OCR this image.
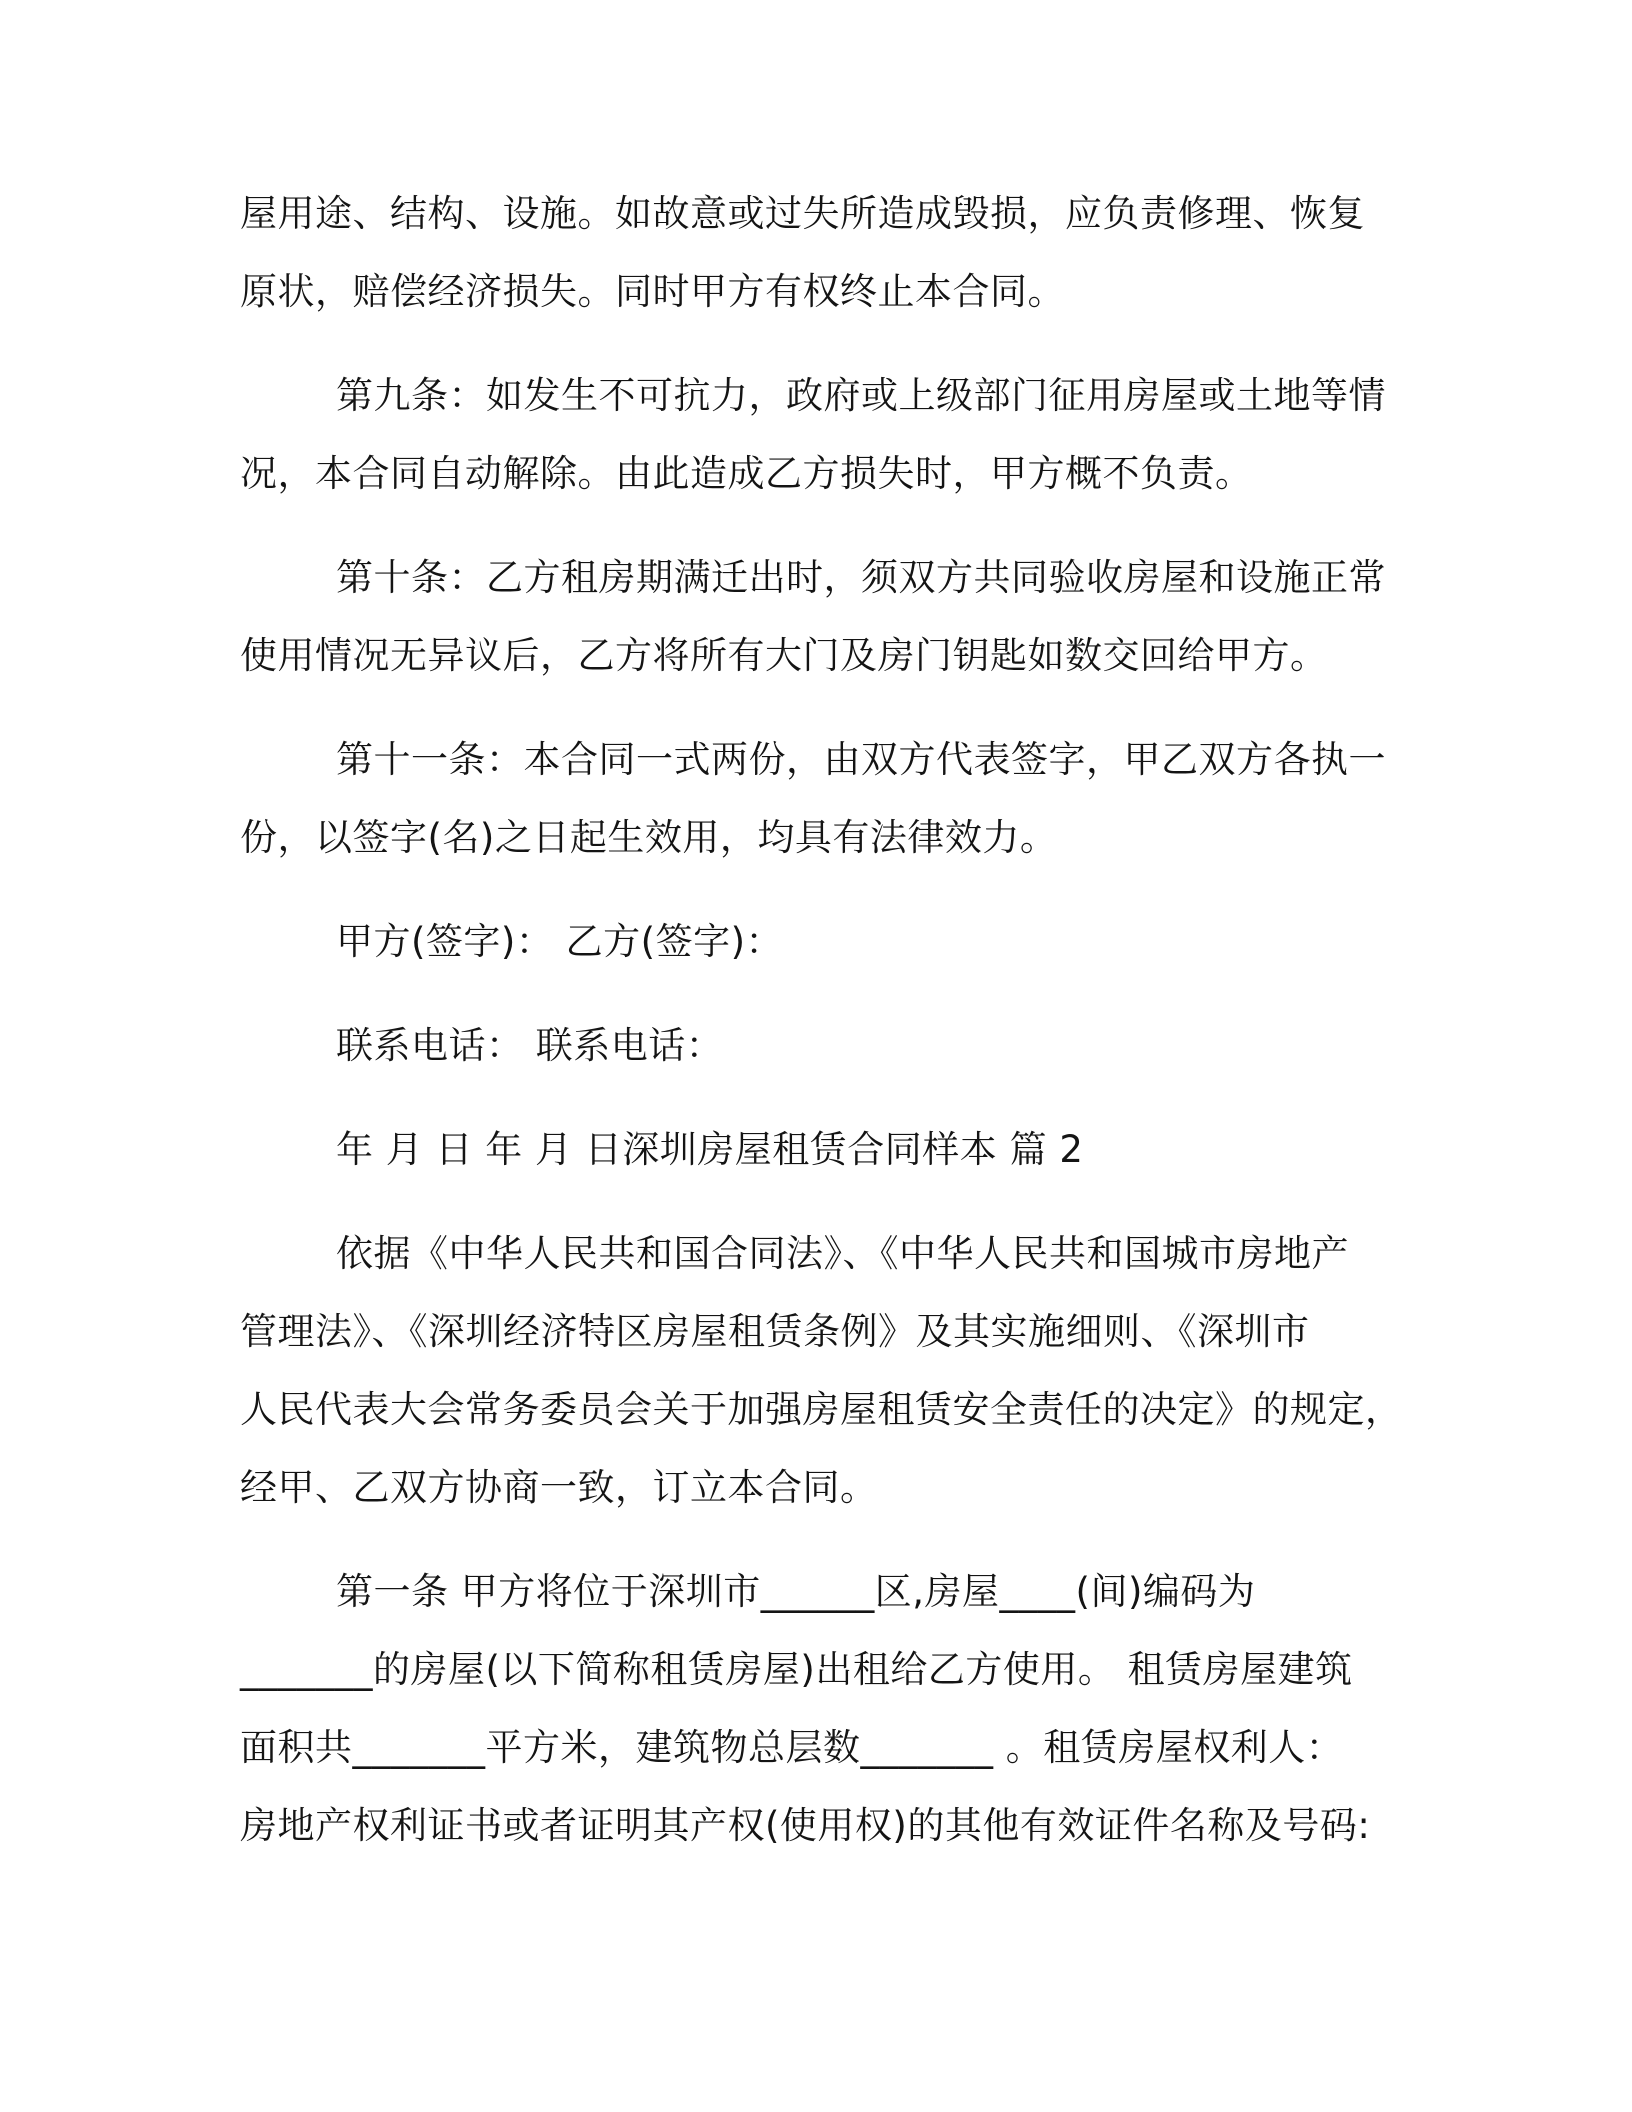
屋用途、结构、设施。如故意或过失所造成毁损，应负责修理、恢复
原状，赔偿经济损失。同时甲方有权终止本合同。
第九条：如发生不可抗力，政府或上级部门征用房屋或土地等情
况，本合同自动解除。由此造成乙方损失时，甲方概不负责。
第十条：乙方租房期满迁出时，须双方共同验收房屋和设施正常
使用情况无异议后，乙方将所有大门及房门钥匙如数交回给甲方。
第十一条：本合同一式两份，由双方代表签字，甲乙双方各执一
份，以签字(名)之日起生效用，均具有法律效力。
甲方(签字)： 乙方(签字)：
联系电话： 联系电话：
年 月 日 年 月 日深圳房屋租赁合同样本 篇 2
依据《中华人民共和国合同法》、《中华人民共和国城市房地产
管理法》、《深圳经济特区房屋租赁条例》及其实施细则、《深圳市
人民代表大会常务委员会关于加强房屋租赁安全责任的决定》的规定，
经甲、乙双方协商一致，订立本合同。
第一条 甲方将位于深圳市______区,房屋____(间)编码为
_______的房屋(以下简称租赁房屋)出租给乙方使用。 租赁房屋建筑
面积共_______平方米，建筑物总层数_______ 。租赁房屋权利人：
房地产权利证书或者证明其产权(使用权)的其他有效证件名称及号码:
